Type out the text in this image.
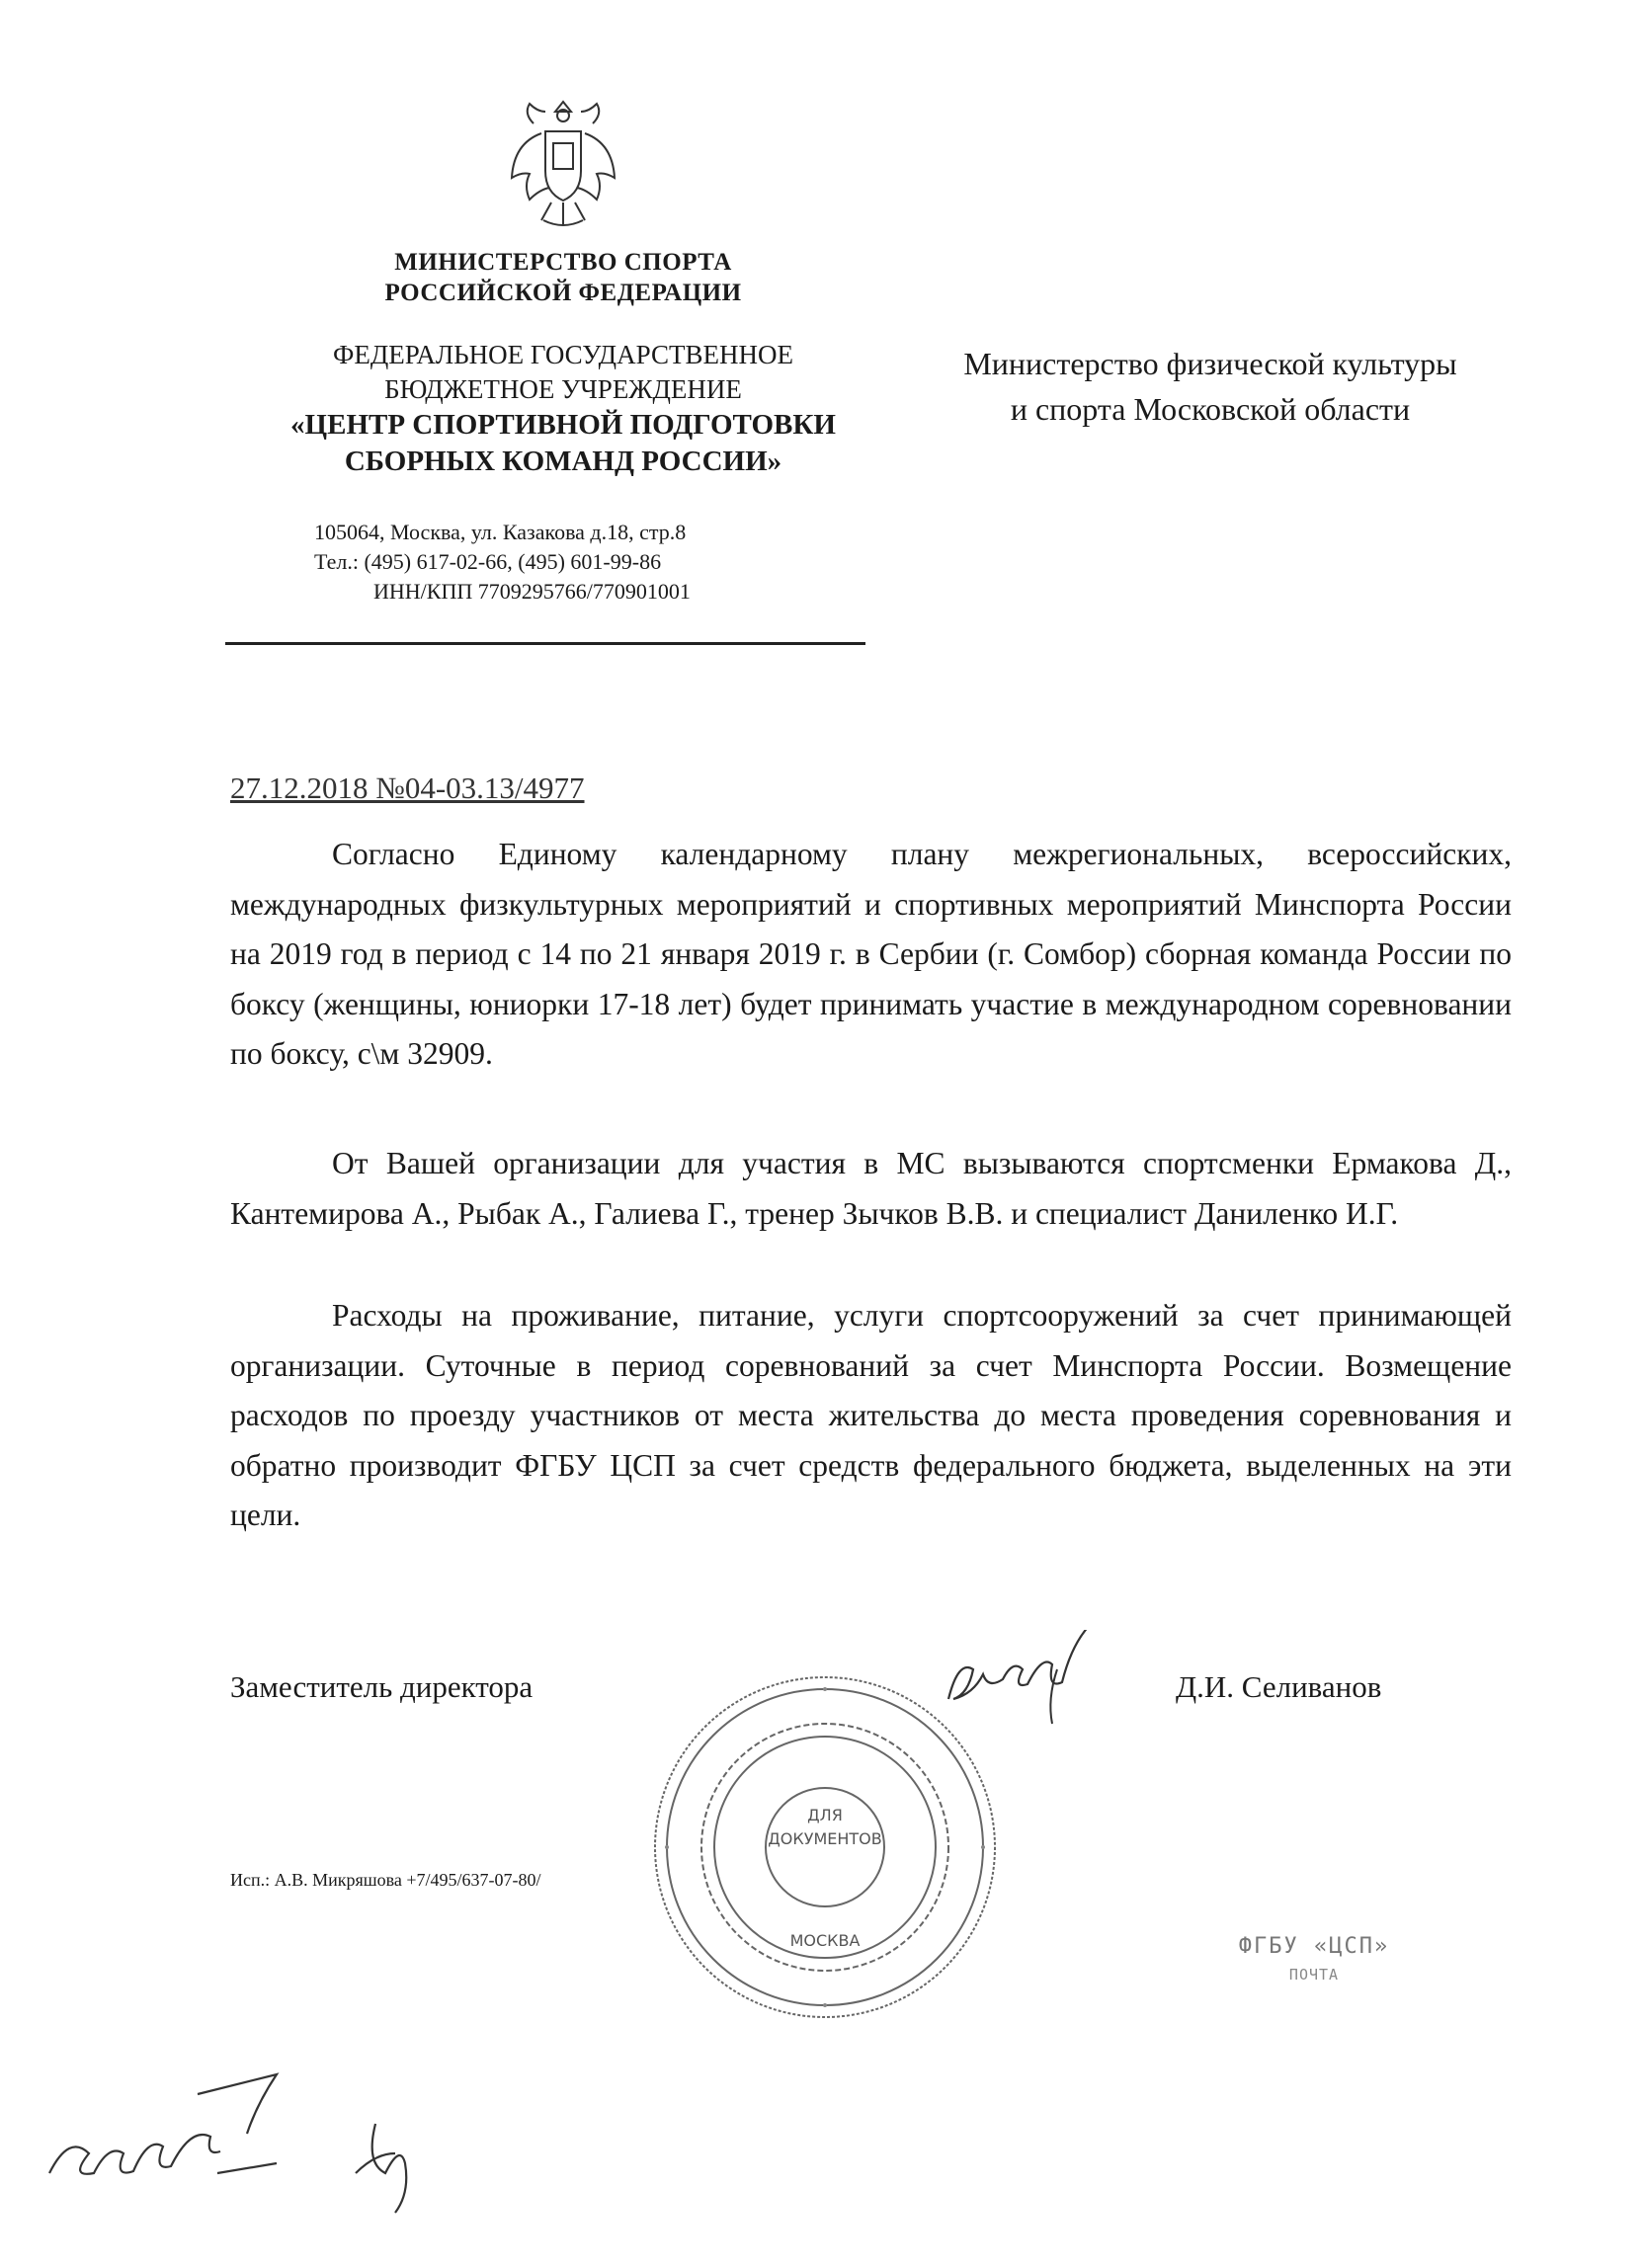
МИНИСТЕРСТВО СПОРТА
РОССИЙСКОЙ ФЕДЕРАЦИИ
ФЕДЕРАЛЬНОЕ ГОСУДАРСТВЕННОЕ
БЮДЖЕТНОЕ УЧРЕЖДЕНИЕ
«ЦЕНТР СПОРТИВНОЙ ПОДГОТОВКИ
СБОРНЫХ КОМАНД РОССИИ»
105064, Москва, ул. Казакова д.18, стр.8
Тел.: (495) 617-02-66, (495) 601-99-86
ИНН/КПП 7709295766/770901001
Министерство физической культуры
и спорта Московской области
27.12.2018 №04-03.13/4977
Согласно Единому календарному плану межрегиональных, всероссийских, международных физкультурных мероприятий и спортивных мероприятий Минспорта России на 2019 год в период с 14 по 21 января 2019 г. в Сербии (г. Сомбор) сборная команда России по боксу (женщины, юниорки 17-18 лет) будет принимать участие в международном соревновании по боксу, с\м 32909.
От Вашей организации для участия в МС вызываются спортсменки Ермакова Д., Кантемирова А., Рыбак А., Галиева Г., тренер Зычков В.В. и специалист Даниленко И.Г.
Расходы на проживание, питание, услуги спортсооружений за счет принимающей организации. Суточные в период соревнований за счет Минспорта России. Возмещение расходов по проезду участников от места жительства до места проведения соревнования и обратно производит ФГБУ ЦСП за счет средств федерального бюджета, выделенных на эти цели.
Заместитель директора	Д.И. Селиванов
ДЛЯ
ДОКУМЕНТОВ
МОСКВА
Исп.: А.В. Микряшова +7/495/637-07-80/
ФГБУ «ЦСП»
ПОЧТА
